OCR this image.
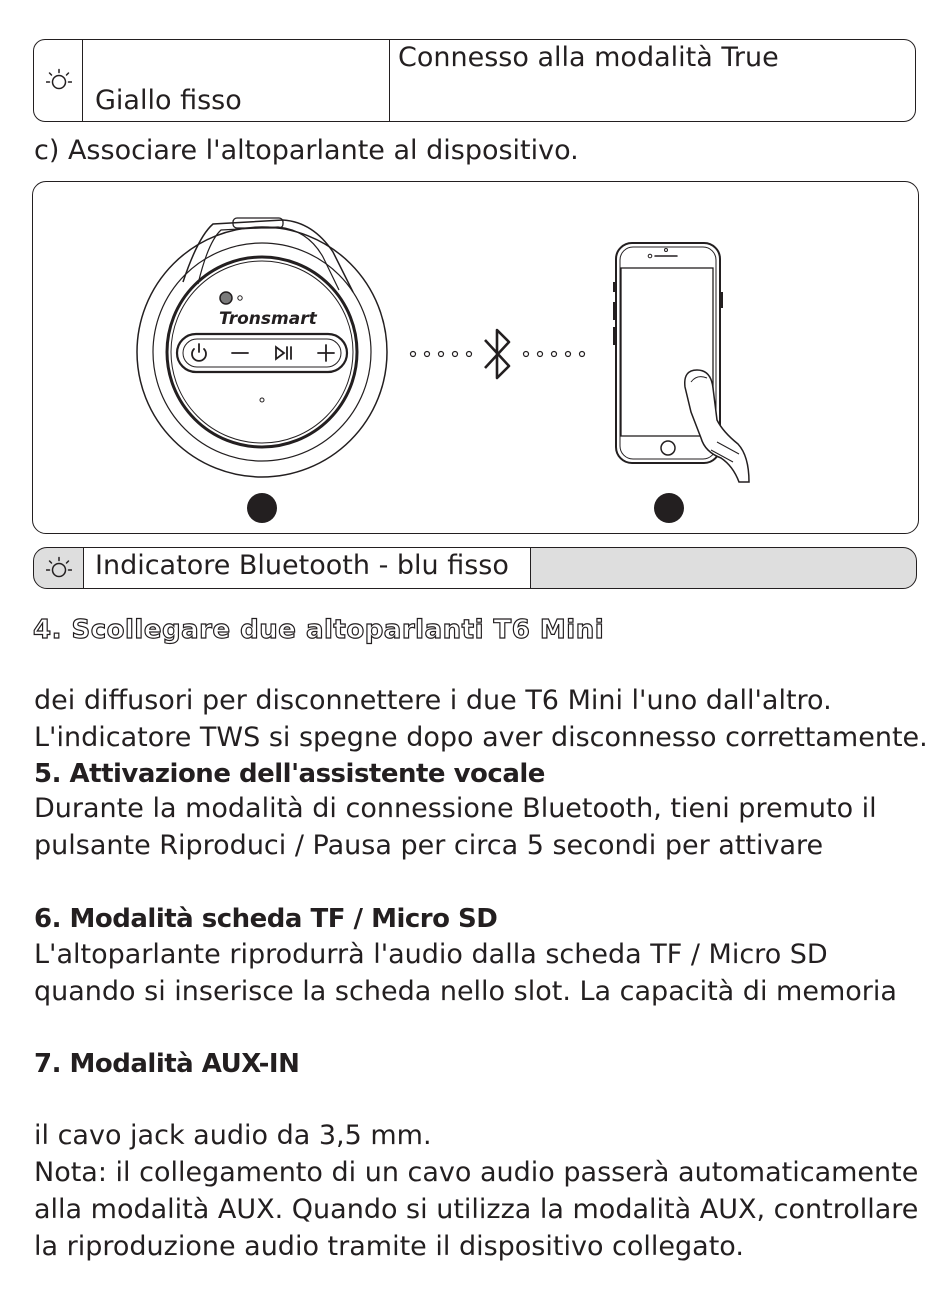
Giallo fisso
Connesso alla modalità True
c) Associare l'altoparlante al dispositivo.
Tronsmart
Indicatore Bluetooth - blu fisso
4. Scollegare due altoparlanti T6 Mini
dei diffusori per disconnettere i due T6 Mini l'uno dall'altro.
L'indicatore TWS si spegne dopo aver disconnesso correttamente.
5. Attivazione dell'assistente vocale
Durante la modalità di connessione Bluetooth, tieni premuto il
pulsante Riproduci / Pausa per circa 5 secondi per attivare
6. Modalità scheda TF / Micro SD
L'altoparlante riprodurrà l'audio dalla scheda TF / Micro SD
quando si inserisce la scheda nello slot. La capacità di memoria
7. Modalità AUX-IN
il cavo jack audio da 3,5 mm.
Nota: il collegamento di un cavo audio passerà automaticamente
alla modalità AUX. Quando si utilizza la modalità AUX, controllare
la riproduzione audio tramite il dispositivo collegato.
